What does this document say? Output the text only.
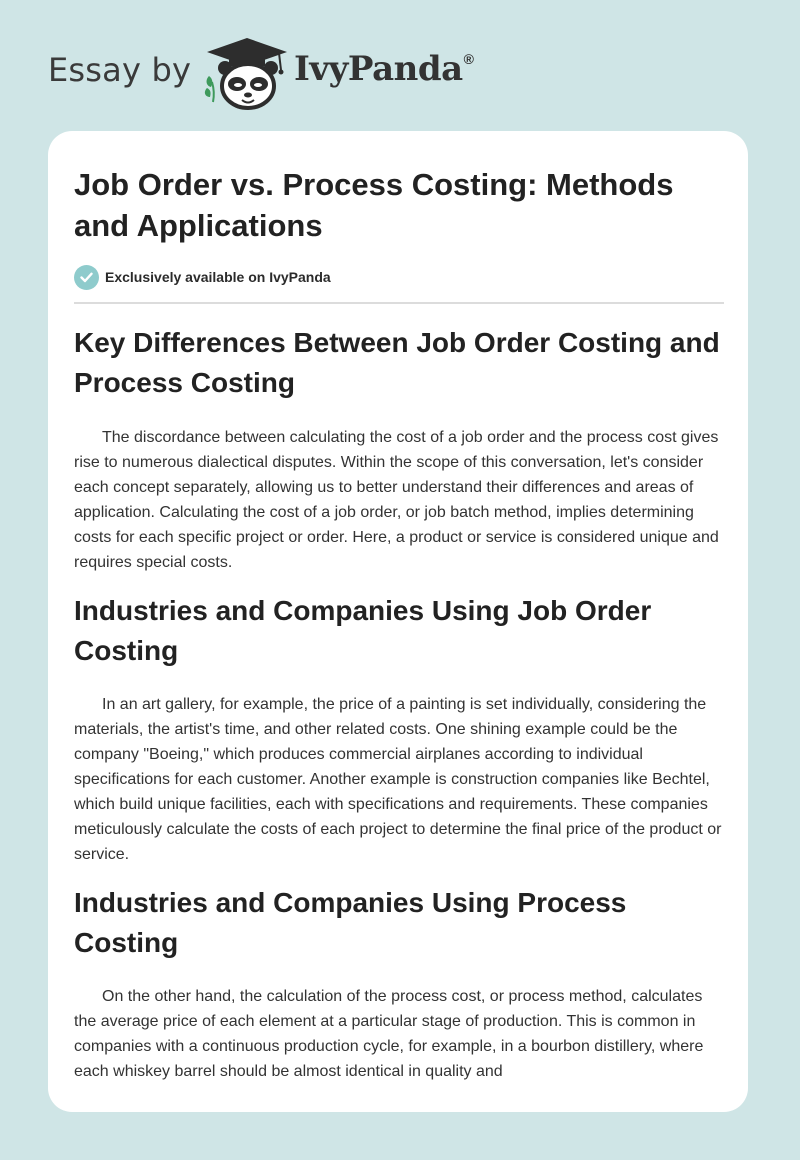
Essay by	IvyPanda®
Job Order vs. Process Costing: Methods and Applications
Exclusively available on IvyPanda
Key Differences Between Job Order Costing and Process Costing

The discordance between calculating the cost of a job order and the process cost gives rise to numerous dialectical disputes. Within the scope of this conversation, let's consider each concept separately, allowing us to better understand their differences and areas of application. Calculating the cost of a job order, or job batch method, implies determining costs for each specific project or order. Here, a product or service is considered unique and requires special costs.

Industries and Companies Using Job Order Costing

In an art gallery, for example, the price of a painting is set individually, considering the materials, the artist's time, and other related costs. One shining example could be the company "Boeing," which produces commercial airplanes according to individual specifications for each customer. Another example is construction companies like Bechtel, which build unique facilities, each with specifications and requirements. These companies meticulously calculate the costs of each project to determine the final price of the product or service.

Industries and Companies Using Process Costing

On the other hand, the calculation of the process cost, or process method, calculates the average price of each element at a particular stage of production. This is common in companies with a continuous production cycle, for example, in a bourbon distillery, where each whiskey barrel should be almost identical in quality and
